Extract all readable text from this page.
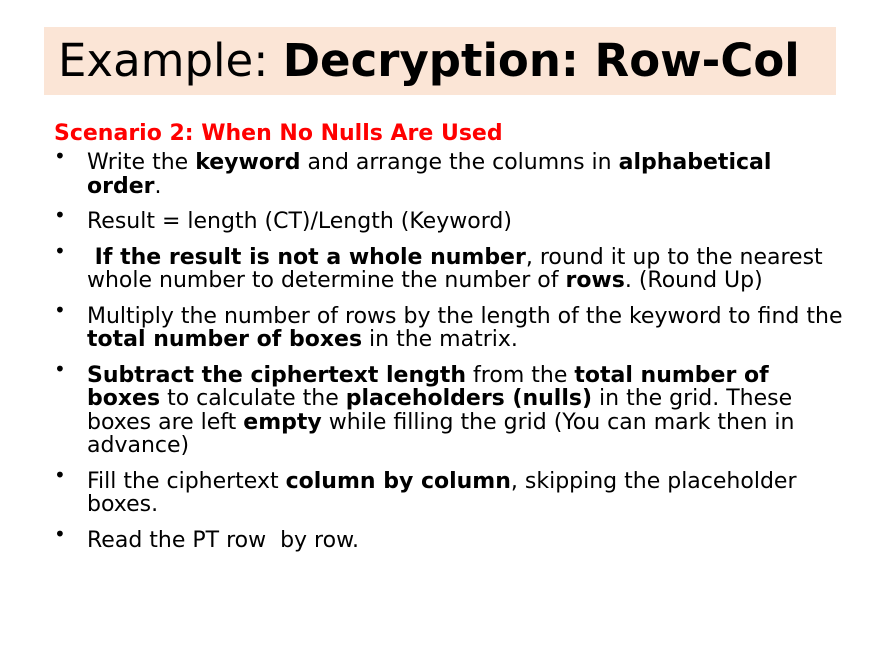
Example: Decryption: Row-Col
Scenario 2: When No Nulls Are Used
• Write the keyword and arrange the columns in alphabetical order.
• Result = length (CT)/Length (Keyword)
• If the result is not a whole number, round it up to the nearest whole number to determine the number of rows. (Round Up)
• Multiply the number of rows by the length of the keyword to find the total number of boxes in the matrix.
• Subtract the ciphertext length from the total number of boxes to calculate the placeholders (nulls) in the grid. These boxes are left empty while filling the grid (You can mark then in advance)
• Fill the ciphertext column by column, skipping the placeholder boxes.
• Read the PT row  by row.
